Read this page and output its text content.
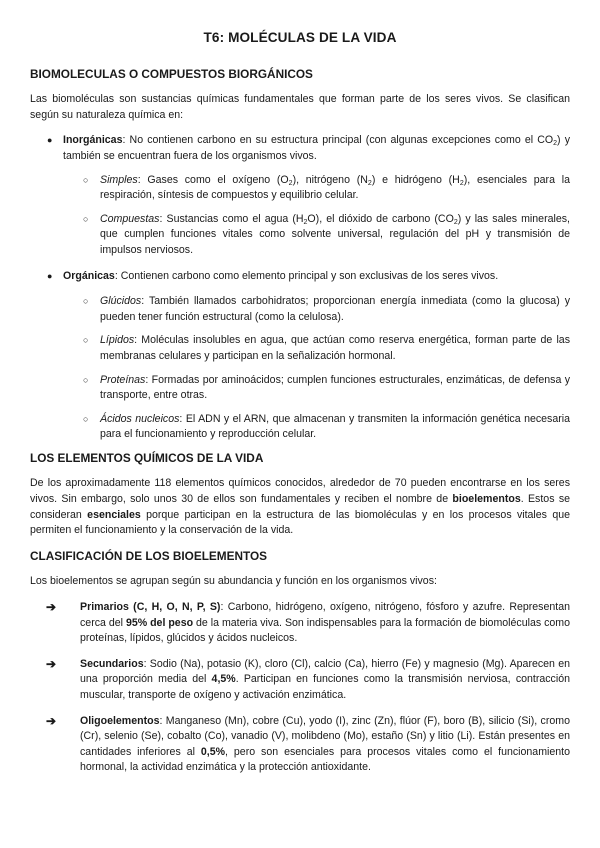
T6: MOLÉCULAS DE LA VIDA
BIOMOLECULAS O COMPUESTOS BIORGÁNICOS

Las biomoléculas son sustancias químicas fundamentales que forman parte de los seres vivos. Se clasifican según su naturaleza química en:

● Inorgánicas: No contienen carbono en su estructura principal (con algunas excepciones como el $CO_2$) y también se encuentran fuera de los organismos vivos.
○ Simples: Gases como el oxígeno $(O_2)$, nitrógeno $(N_2)$ e hidrógeno $(H_2)$, esenciales para la respiración, síntesis de compuestos y equilibrio celular.
○ Compuestas: Sustancias como el agua $(H_2O)$, el dióxido de carbono $(CO_2)$ y las sales minerales, que cumplen funciones vitales como solvente universal, regulación del pH y transmisión de impulsos nerviosos.
● Orgánicas: Contienen carbono como elemento principal y son exclusivas de los seres vivos.
○ Glúcidos: También llamados carbohidratos; proporcionan energía inmediata (como la glucosa) y pueden tener función estructural (como la celulosa).
○ Lípidos: Moléculas insolubles en agua, que actúan como reserva energética, forman parte de las membranas celulares y participan en la señalización hormonal.
○ Proteínas: Formadas por aminoácidos; cumplen funciones estructurales, enzimáticas, de defensa y transporte, entre otras.
○ Ácidos nucleicos: El ADN y el ARN, que almacenan y transmiten la información genética necesaria para el funcionamiento y reproducción celular.
LOS ELEMENTOS QUÍMICOS DE LA VIDA

De los aproximadamente 118 elementos químicos conocidos, alrededor de 70 pueden encontrarse en los seres vivos. Sin embargo, solo unos 30 de ellos son fundamentales y reciben el nombre de bioelementos. Estos se consideran esenciales porque participan en la estructura de las biomoléculas y en los procesos vitales que permiten el funcionamiento y la conservación de la vida.

CLASIFICACIÓN DE LOS BIOELEMENTOS

Los bioelementos se agrupan según su abundancia y función en los organismos vivos:

➔ Primarios (C, H, O, N, P, S): Carbono, hidrógeno, oxígeno, nitrógeno, fósforo y azufre. Representan cerca del 95% del peso de la materia viva. Son indispensables para la formación de biomoléculas como proteínas, lípidos, glúcidos y ácidos nucleicos.
➔ Secundarios: Sodio (Na), potasio (K), cloro (Cl), calcio (Ca), hierro (Fe) y magnesio (Mg). Aparecen en una proporción media del 4,5%. Participan en funciones como la transmisión nerviosa, contracción muscular, transporte de oxígeno y activación enzimática.
➔ Oligoelementos: Manganeso (Mn), cobre (Cu), yodo (I), zinc (Zn), flúor (F), boro (B), silicio (Si), cromo (Cr), selenio (Se), cobalto (Co), vanadio (V), molibdeno (Mo), estaño (Sn) y litio (Li). Están presentes en cantidades inferiores al 0,5%, pero son esenciales para procesos vitales como el funcionamiento hormonal, la actividad enzimática y la protección antioxidante.
